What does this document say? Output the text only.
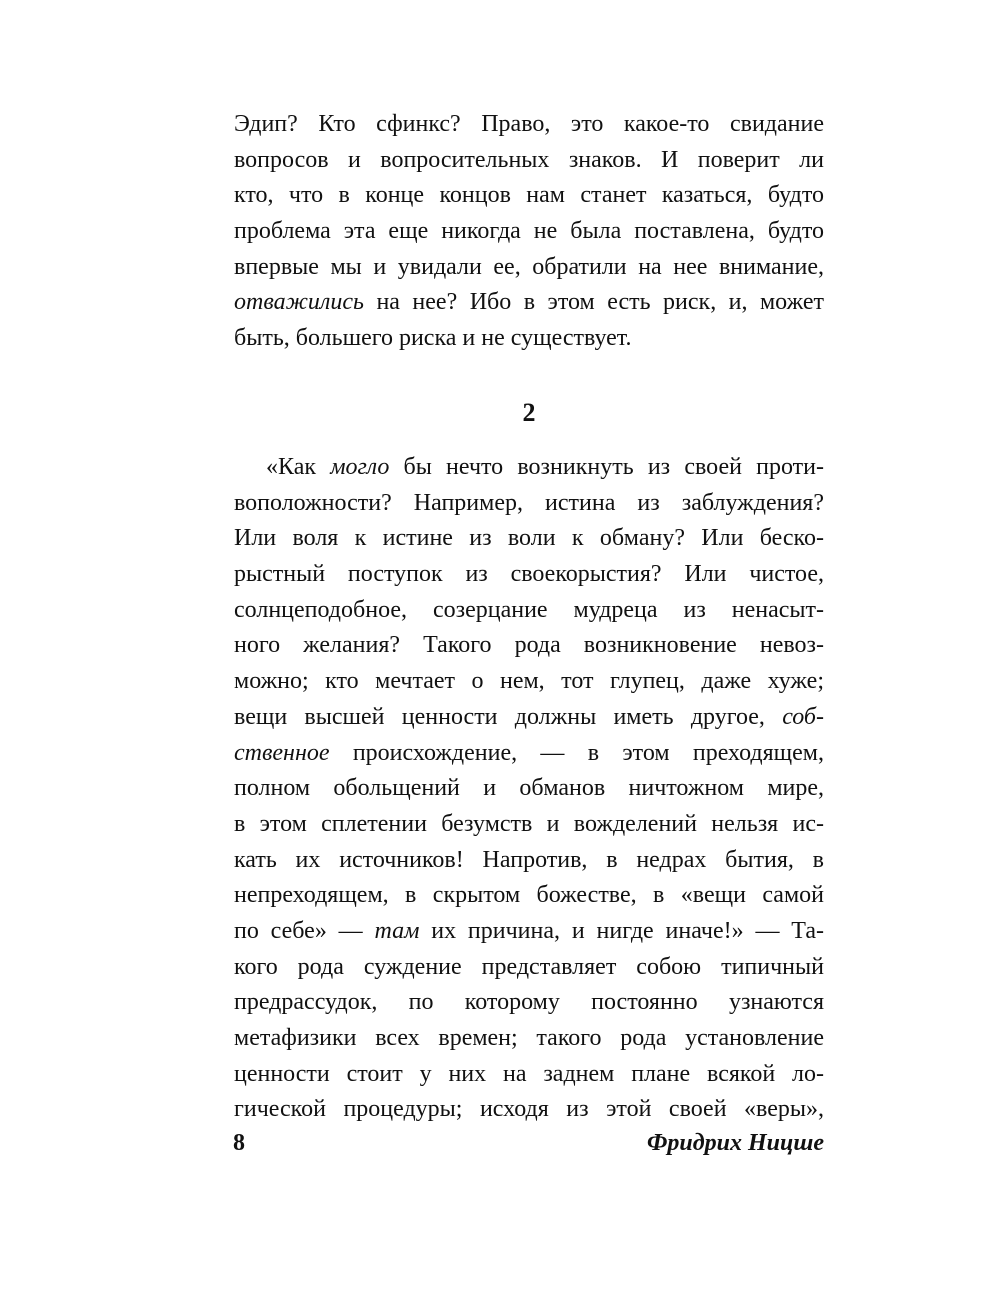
Эдип? Кто сфинкс? Право, это какое-то свидание
вопросов и вопросительных знаков. И поверит ли
кто, что в конце концов нам станет казаться, будто
проблема эта еще никогда не была поставлена, будто
впервые мы и увидали ее, обратили на нее внимание,
отважились на нее? Ибо в этом есть риск, и, может
быть, большего риска и не существует.
2
«Как могло бы нечто возникнуть из своей проти-
воположности? Например, истина из заблуждения?
Или воля к истине из воли к обману? Или беско-
рыстный поступок из своекорыстия? Или чистое,
солнцеподобное, созерцание мудреца из ненасыт-
ного желания? Такого рода возникновение невоз-
можно; кто мечтает о нем, тот глупец, даже хуже;
вещи высшей ценности должны иметь другое, соб-
ственное происхождение, — в этом преходящем,
полном обольщений и обманов ничтожном мире,
в этом сплетении безумств и вожделений нельзя ис-
кать их источников! Напротив, в недрах бытия, в
непреходящем, в скрытом божестве, в «вещи самой
по себе» — там их причина, и нигде иначе!» — Та-
кого рода суждение представляет собою типичный
предрассудок, по которому постоянно узнаются
метафизики всех времен; такого рода установление
ценности стоит у них на заднем плане всякой ло-
гической процедуры; исходя из этой своей «веры»,
8	Фридрих Ницше
